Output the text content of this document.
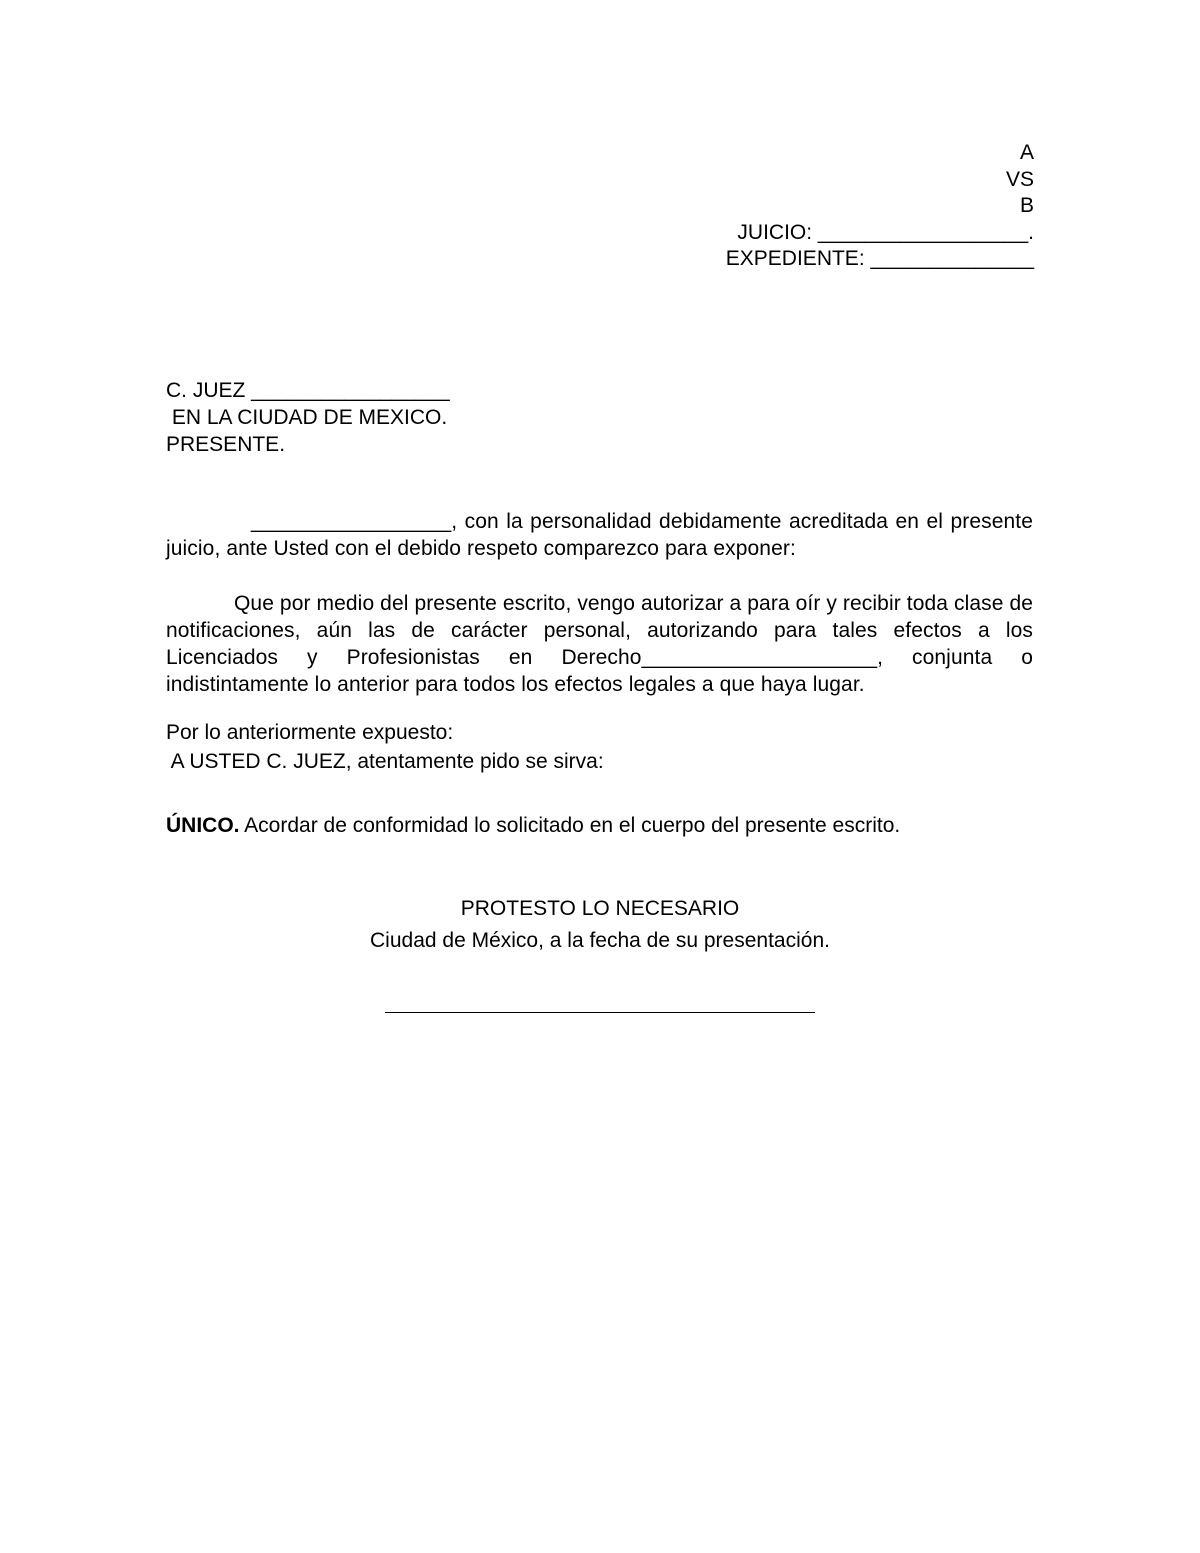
A
VS
B
JUICIO: __________________.
EXPEDIENTE: ______________
C. JUEZ _________________
EN LA CIUDAD DE MEXICO.
PRESENTE.
_________________, con la personalidad debidamente acreditada en el presente juicio, ante Usted con el debido respeto comparezco para exponer:
Que por medio del presente escrito, vengo autorizar a para oír y recibir toda clase de notificaciones, aún las de carácter personal, autorizando para tales efectos a los Licenciados y Profesionistas en Derecho____________________, conjunta o indistintamente lo anterior para todos los efectos legales a que haya lugar.
Por lo anteriormente expuesto:
A USTED C. JUEZ, atentamente pido se sirva:
ÚNICO. Acordar de conformidad lo solicitado en el cuerpo del presente escrito.
PROTESTO LO NECESARIO
Ciudad de México, a la fecha de su presentación.
